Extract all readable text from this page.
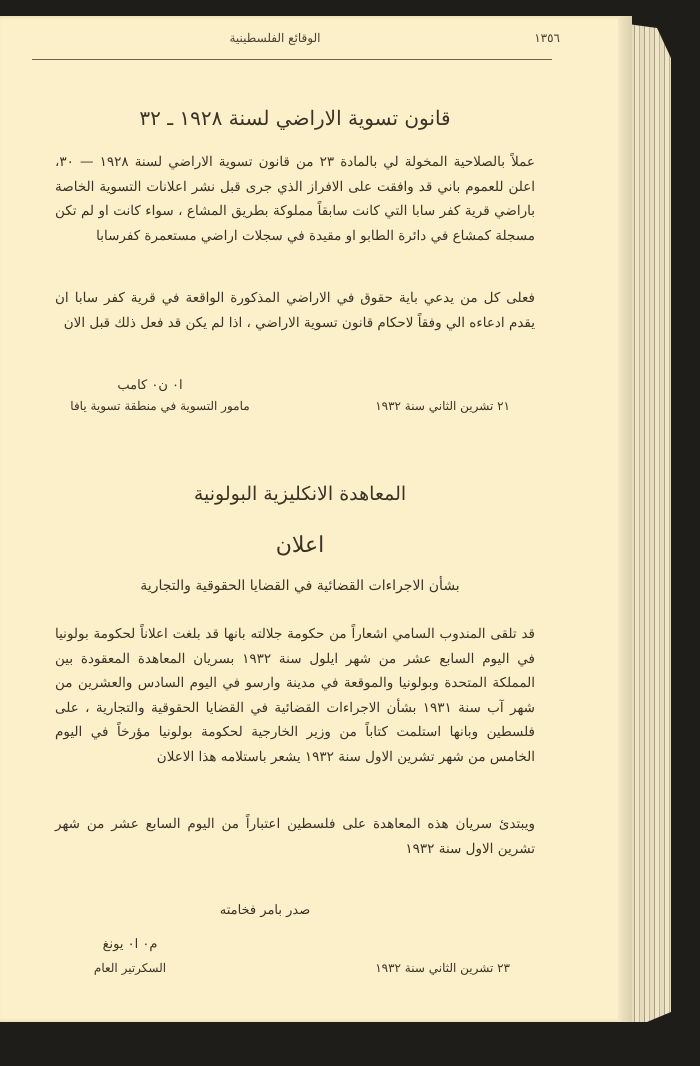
١٣٥٦
الوقائع الفلسطينية
قانون تسوية الاراضي لسنة ١٩٢٨ ـ ٣٢
عملاً بالصلاحية المخولة لي بالمادة ٢٣ من قانون تسوية الاراضي لسنة ١٩٢٨ — ٣٠، اعلن للعموم باني قد وافقت على الافراز الذي جرى قبل نشر اعلانات التسوية الخاصة باراضي قرية كفر سابا التي كانت سابقاً مملوكة بطريق المشاع ، سواء كانت او لم تكن مسجلة كمشاع في دائرة الطابو او مقيدة في سجلات اراضي مستعمرة كفرسابا
فعلى كل من يدعي باية حقوق في الاراضي المذكورة الواقعة في قرية كفر سابا ان يقدم ادعاءه الي وفقاً لاحكام قانون تسوية الاراضي ، اذا لم يكن قد فعل ذلك قبل الان
ا٠ ن٠ كامب
مامور التسوية في منطقة تسوية يافا	٢١ تشرين الثاني سنة ١٩٣٢
المعاهدة الانكليزية البولونية
اعلان
بشأن الاجراءات القضائية في القضايا الحقوقية والتجارية
قد تلقى المندوب السامي اشعاراً من حكومة جلالته بانها قد بلغت اعلاناً لحكومة بولونيا في اليوم السابع عشر من شهر ايلول سنة ١٩٣٢ بسريان المعاهدة المعقودة بين المملكة المتحدة وبولونيا والموقعة في مدينة وارسو في اليوم السادس والعشرين من شهر آب سنة ١٩٣١ بشأن الاجراءات القضائية في القضايا الحقوقية والتجارية ، على فلسطين وبانها استلمت كتاباً من وزير الخارجية لحكومة بولونيا مؤرخاً في اليوم الخامس من شهر تشرين الاول سنة ١٩٣٢ يشعر باستلامه هذا الاعلان
ويبتدئ سريان هذه المعاهدة على فلسطين اعتباراً من اليوم السابع عشر من شهر تشرين الاول سنة ١٩٣٢
صدر بامر فخامته
م٠ ا٠ يونغ
السكرتير العام	٢٣ تشرين الثاني سنة ١٩٣٢
